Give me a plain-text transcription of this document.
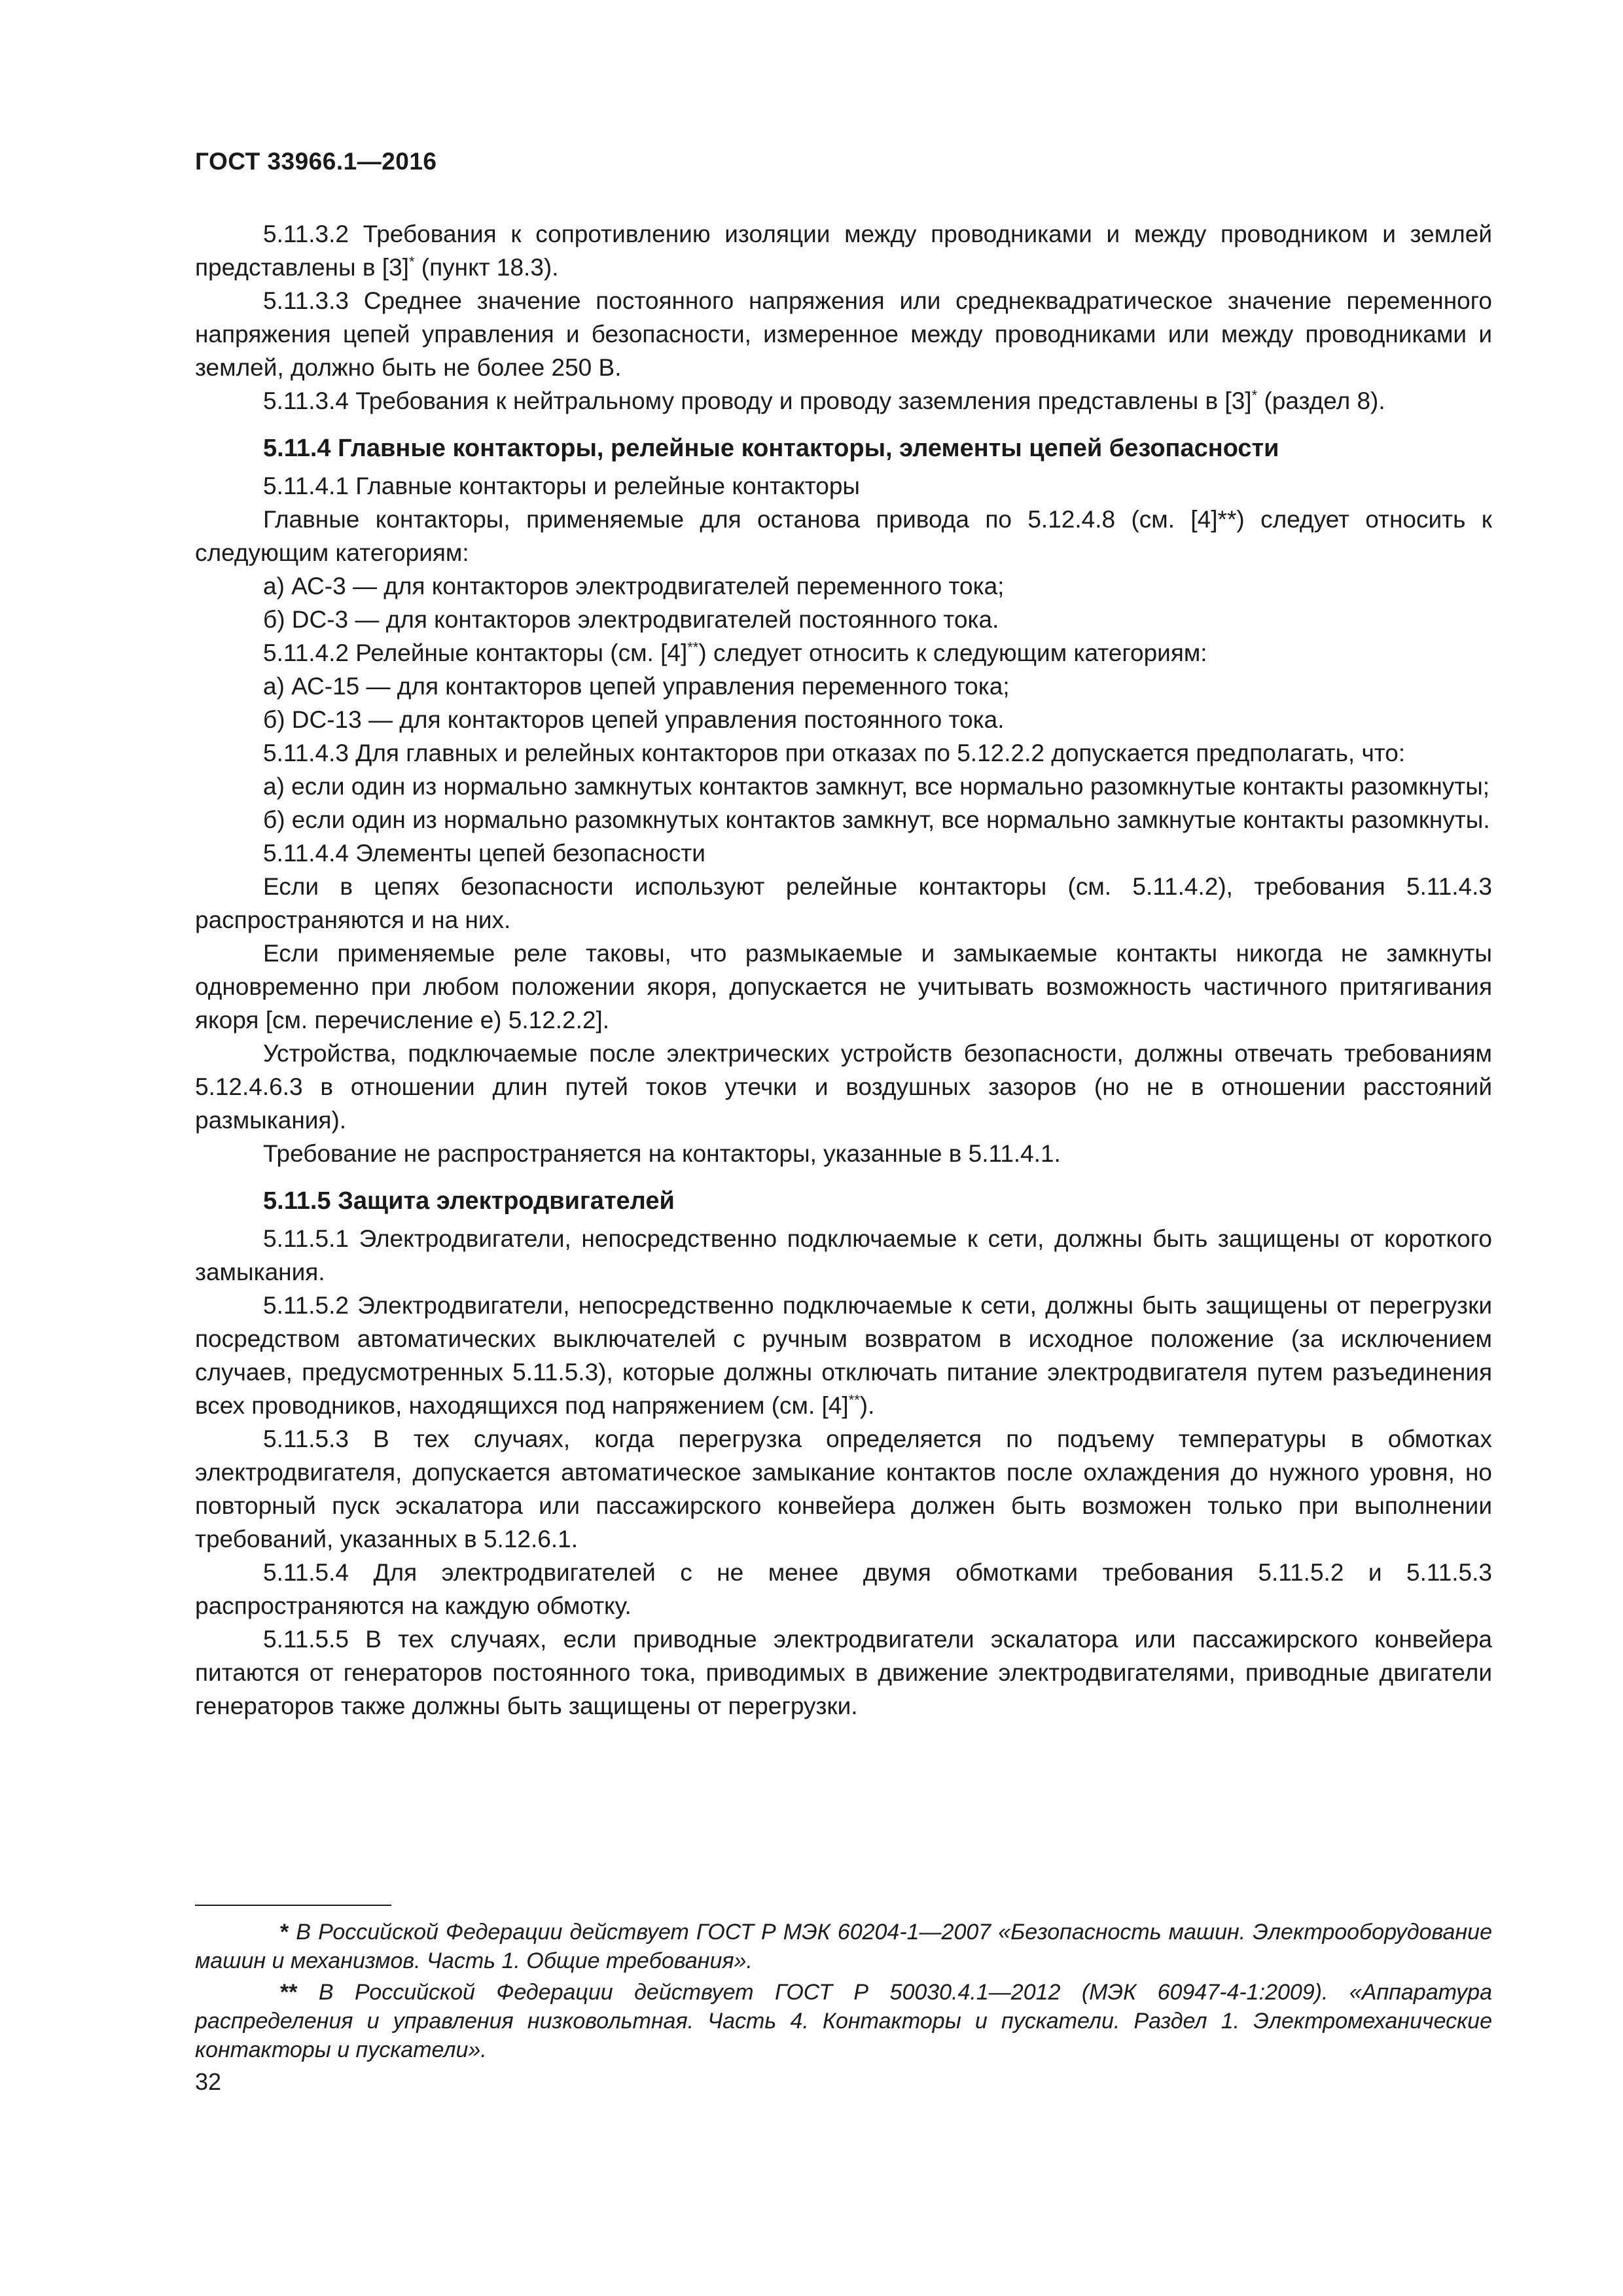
ГОСТ 33966.1—2016

5.11.3.2 Требования к сопротивлению изоляции между проводниками и между проводником и землей представлены в [3]* (пункт 18.3).

5.11.3.3 Среднее значение постоянного напряжения или среднеквадратическое значение переменного напряжения цепей управления и безопасности, измеренное между проводниками или между проводниками и землей, должно быть не более 250 В.

5.11.3.4 Требования к нейтральному проводу и проводу заземления представлены в [3]* (раздел 8).

5.11.4 Главные контакторы, релейные контакторы, элементы цепей безопасности

5.11.4.1 Главные контакторы и релейные контакторы

Главные контакторы, применяемые для останова привода по 5.12.4.8 (см. [4]**) следует относить к следующим категориям:

а) АС-3 — для контакторов электродвигателей переменного тока;

б) DC-3 — для контакторов электродвигателей постоянного тока.

5.11.4.2 Релейные контакторы (см. [4]**) следует относить к следующим категориям:

а) АС-15 — для контакторов цепей управления переменного тока;

б) DC-13 — для контакторов цепей управления постоянного тока.

5.11.4.3 Для главных и релейных контакторов при отказах по 5.12.2.2 допускается предполагать, что:

а) если один из нормально замкнутых контактов замкнут, все нормально разомкнутые контакты разомкнуты;

б) если один из нормально разомкнутых контактов замкнут, все нормально замкнутые контакты разомкнуты.

5.11.4.4 Элементы цепей безопасности

Если в цепях безопасности используют релейные контакторы (см. 5.11.4.2), требования 5.11.4.3 распространяются и на них.

Если применяемые реле таковы, что размыкаемые и замыкаемые контакты никогда не замкнуты одновременно при любом положении якоря, допускается не учитывать возможность частичного притягивания якоря [см. перечисление е) 5.12.2.2].

Устройства, подключаемые после электрических устройств безопасности, должны отвечать требованиям 5.12.4.6.3 в отношении длин путей токов утечки и воздушных зазоров (но не в отношении расстояний размыкания).

Требование не распространяется на контакторы, указанные в 5.11.4.1.

5.11.5 Защита электродвигателей

5.11.5.1 Электродвигатели, непосредственно подключаемые к сети, должны быть защищены от короткого замыкания.

5.11.5.2 Электродвигатели, непосредственно подключаемые к сети, должны быть защищены от перегрузки посредством автоматических выключателей с ручным возвратом в исходное положение (за исключением случаев, предусмотренных 5.11.5.3), которые должны отключать питание электродвигателя путем разъединения всех проводников, находящихся под напряжением (см. [4]**).

5.11.5.3 В тех случаях, когда перегрузка определяется по подъему температуры в обмотках электродвигателя, допускается автоматическое замыкание контактов после охлаждения до нужного уровня, но повторный пуск эскалатора или пассажирского конвейера должен быть возможен только при выполнении требований, указанных в 5.12.6.1.

5.11.5.4 Для электродвигателей с не менее двумя обмотками требования 5.11.5.2 и 5.11.5.3 распространяются на каждую обмотку.

5.11.5.5 В тех случаях, если приводные электродвигатели эскалатора или пассажирского конвейера питаются от генераторов постоянного тока, приводимых в движение электродвигателями, приводные двигатели генераторов также должны быть защищены от перегрузки.

* В Российской Федерации действует ГОСТ Р МЭК 60204-1—2007 «Безопасность машин. Электрооборудование машин и механизмов. Часть 1. Общие требования».

** В Российской Федерации действует ГОСТ Р 50030.4.1—2012 (МЭК 60947-4-1:2009). «Аппаратура распределения и управления низковольтная. Часть 4. Контакторы и пускатели. Раздел 1. Электромеханические контакторы и пускатели».

32
